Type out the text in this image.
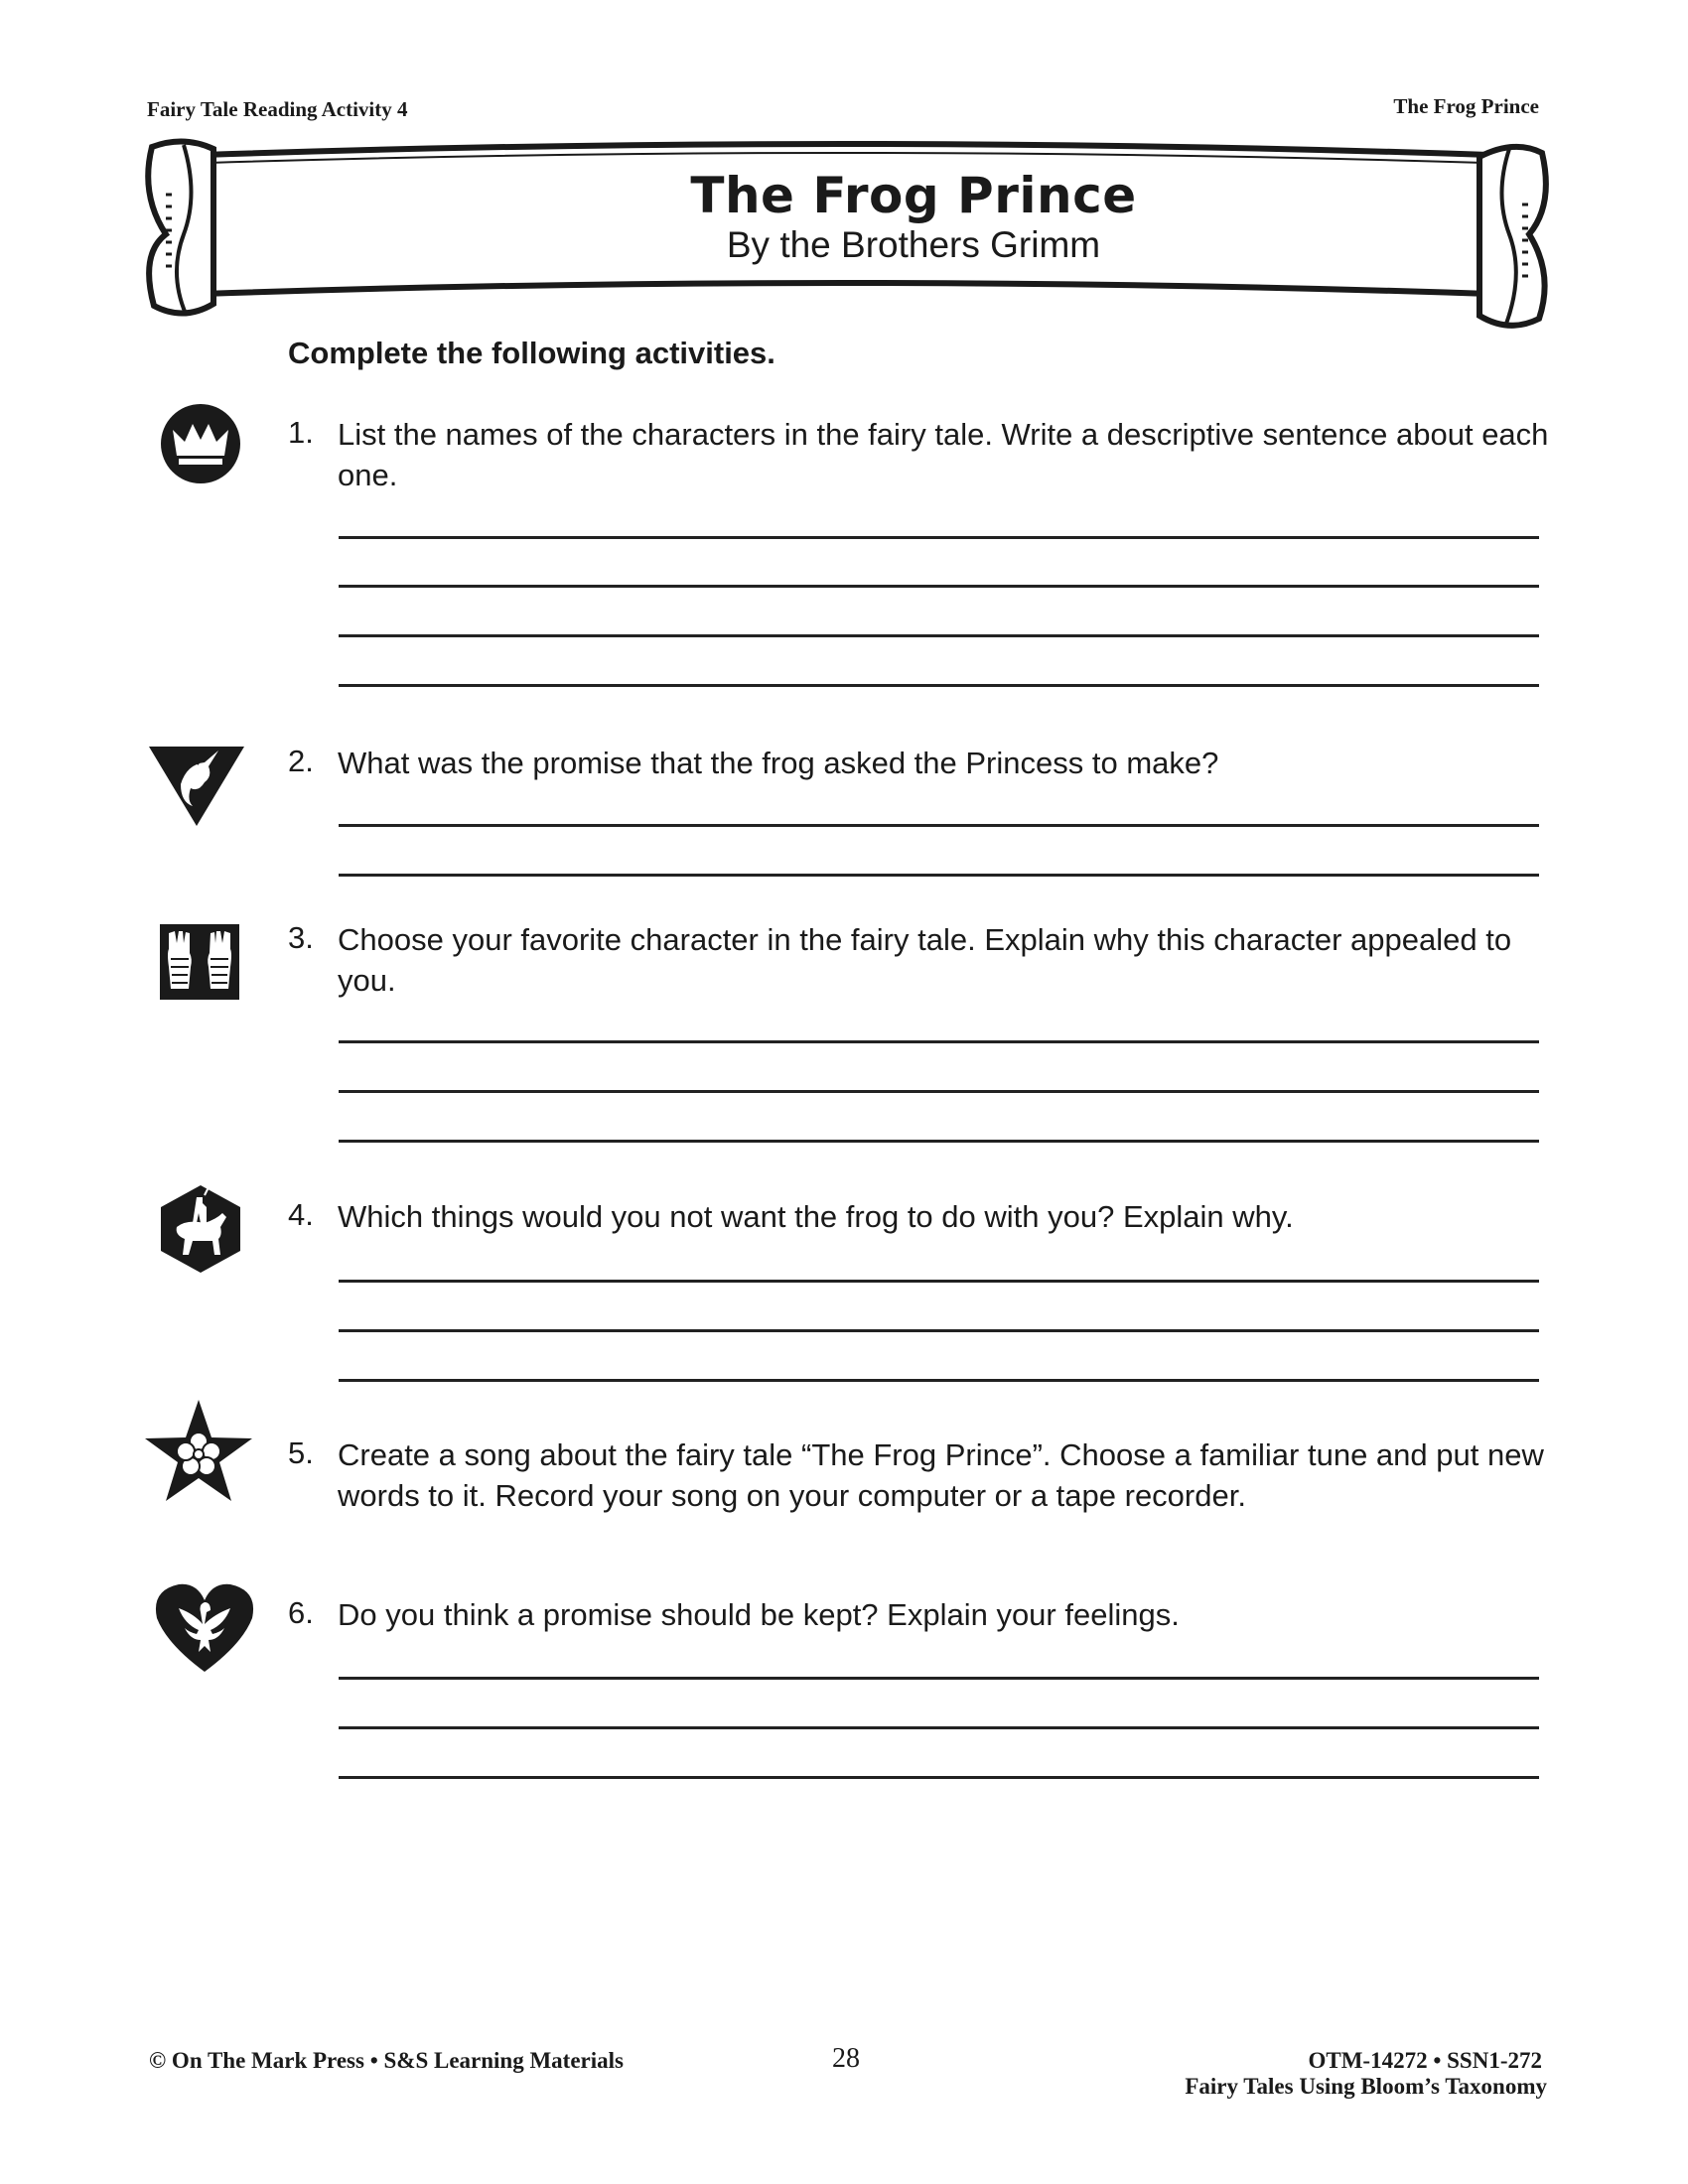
Fairy Tale Reading Activity 4	The Frog Prince
The Frog Prince
By the Brothers Grimm
Complete the following activities.
1. List the names of the characters in the fairy tale. Write a descriptive sentence about each one.
2. What was the promise that the frog asked the Princess to make?
3. Choose your favorite character in the fairy tale. Explain why this character appealed to you.
4. Which things would you not want the frog to do with you? Explain why.
5. Create a song about the fairy tale “The Frog Prince”. Choose a familiar tune and put new words to it. Record your song on your computer or a tape recorder.
6. Do you think a promise should be kept? Explain your feelings.
© On The Mark Press • S&S Learning Materials	28	OTM-14272 • SSN1-272
Fairy Tales Using Bloom’s Taxonomy
